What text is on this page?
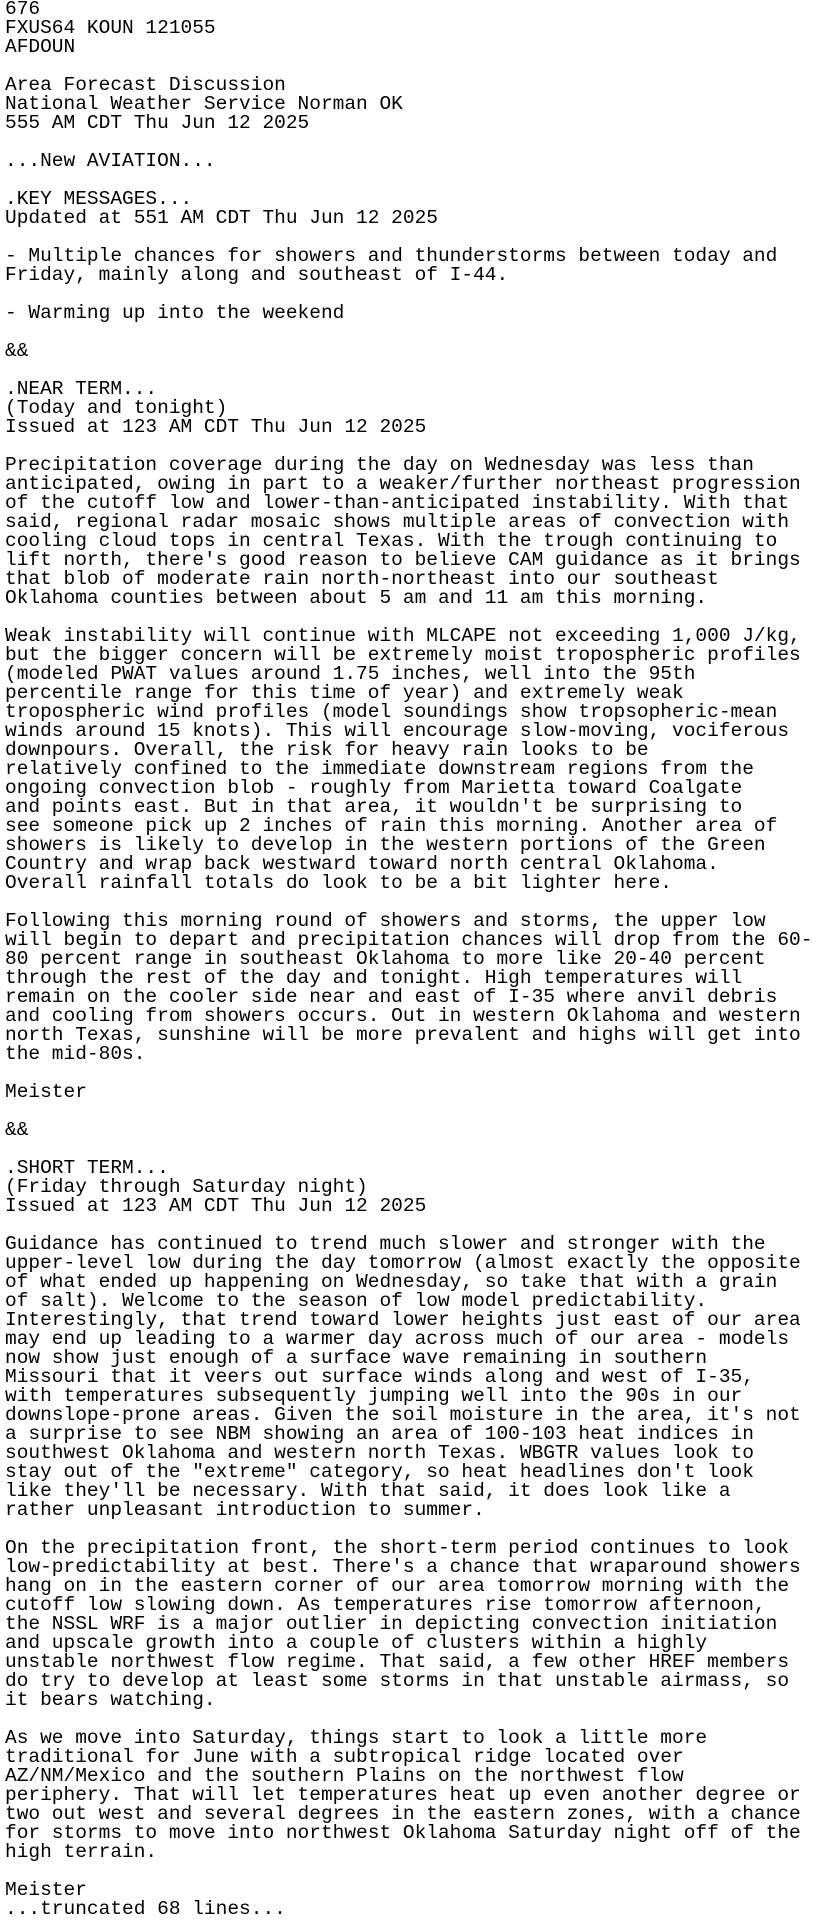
676
FXUS64 KOUN 121055
AFDOUN

Area Forecast Discussion
National Weather Service Norman OK
555 AM CDT Thu Jun 12 2025

...New AVIATION...

.KEY MESSAGES...
Updated at 551 AM CDT Thu Jun 12 2025

- Multiple chances for showers and thunderstorms between today and
Friday, mainly along and southeast of I-44.

- Warming up into the weekend

&&

.NEAR TERM...
(Today and tonight)
Issued at 123 AM CDT Thu Jun 12 2025

Precipitation coverage during the day on Wednesday was less than
anticipated, owing in part to a weaker/further northeast progression
of the cutoff low and lower-than-anticipated instability. With that
said, regional radar mosaic shows multiple areas of convection with
cooling cloud tops in central Texas. With the trough continuing to
lift north, there's good reason to believe CAM guidance as it brings
that blob of moderate rain north-northeast into our southeast
Oklahoma counties between about 5 am and 11 am this morning.

Weak instability will continue with MLCAPE not exceeding 1,000 J/kg,
but the bigger concern will be extremely moist tropospheric profiles
(modeled PWAT values around 1.75 inches, well into the 95th
percentile range for this time of year) and extremely weak
tropospheric wind profiles (model soundings show tropsopheric-mean
winds around 15 knots). This will encourage slow-moving, vociferous
downpours. Overall, the risk for heavy rain looks to be
relatively confined to the immediate downstream regions from the
ongoing convection blob - roughly from Marietta toward Coalgate
and points east. But in that area, it wouldn't be surprising to
see someone pick up 2 inches of rain this morning. Another area of
showers is likely to develop in the western portions of the Green
Country and wrap back westward toward north central Oklahoma.
Overall rainfall totals do look to be a bit lighter here.

Following this morning round of showers and storms, the upper low
will begin to depart and precipitation chances will drop from the 60-
80 percent range in southeast Oklahoma to more like 20-40 percent
through the rest of the day and tonight. High temperatures will
remain on the cooler side near and east of I-35 where anvil debris
and cooling from showers occurs. Out in western Oklahoma and western
north Texas, sunshine will be more prevalent and highs will get into
the mid-80s.

Meister

&&

.SHORT TERM...
(Friday through Saturday night)
Issued at 123 AM CDT Thu Jun 12 2025

Guidance has continued to trend much slower and stronger with the
upper-level low during the day tomorrow (almost exactly the opposite
of what ended up happening on Wednesday, so take that with a grain
of salt). Welcome to the season of low model predictability.
Interestingly, that trend toward lower heights just east of our area
may end up leading to a warmer day across much of our area - models
now show just enough of a surface wave remaining in southern
Missouri that it veers out surface winds along and west of I-35,
with temperatures subsequently jumping well into the 90s in our
downslope-prone areas. Given the soil moisture in the area, it's not
a surprise to see NBM showing an area of 100-103 heat indices in
southwest Oklahoma and western north Texas. WBGTR values look to
stay out of the "extreme" category, so heat headlines don't look
like they'll be necessary. With that said, it does look like a
rather unpleasant introduction to summer.

On the precipitation front, the short-term period continues to look
low-predictability at best. There's a chance that wraparound showers
hang on in the eastern corner of our area tomorrow morning with the
cutoff low slowing down. As temperatures rise tomorrow afternoon,
the NSSL WRF is a major outlier in depicting convection initiation
and upscale growth into a couple of clusters within a highly
unstable northwest flow regime. That said, a few other HREF members
do try to develop at least some storms in that unstable airmass, so
it bears watching.

As we move into Saturday, things start to look a little more
traditional for June with a subtropical ridge located over
AZ/NM/Mexico and the southern Plains on the northwest flow
periphery. That will let temperatures heat up even another degree or
two out west and several degrees in the eastern zones, with a chance
for storms to move into northwest Oklahoma Saturday night off of the
high terrain.

Meister
...truncated 68 lines...
